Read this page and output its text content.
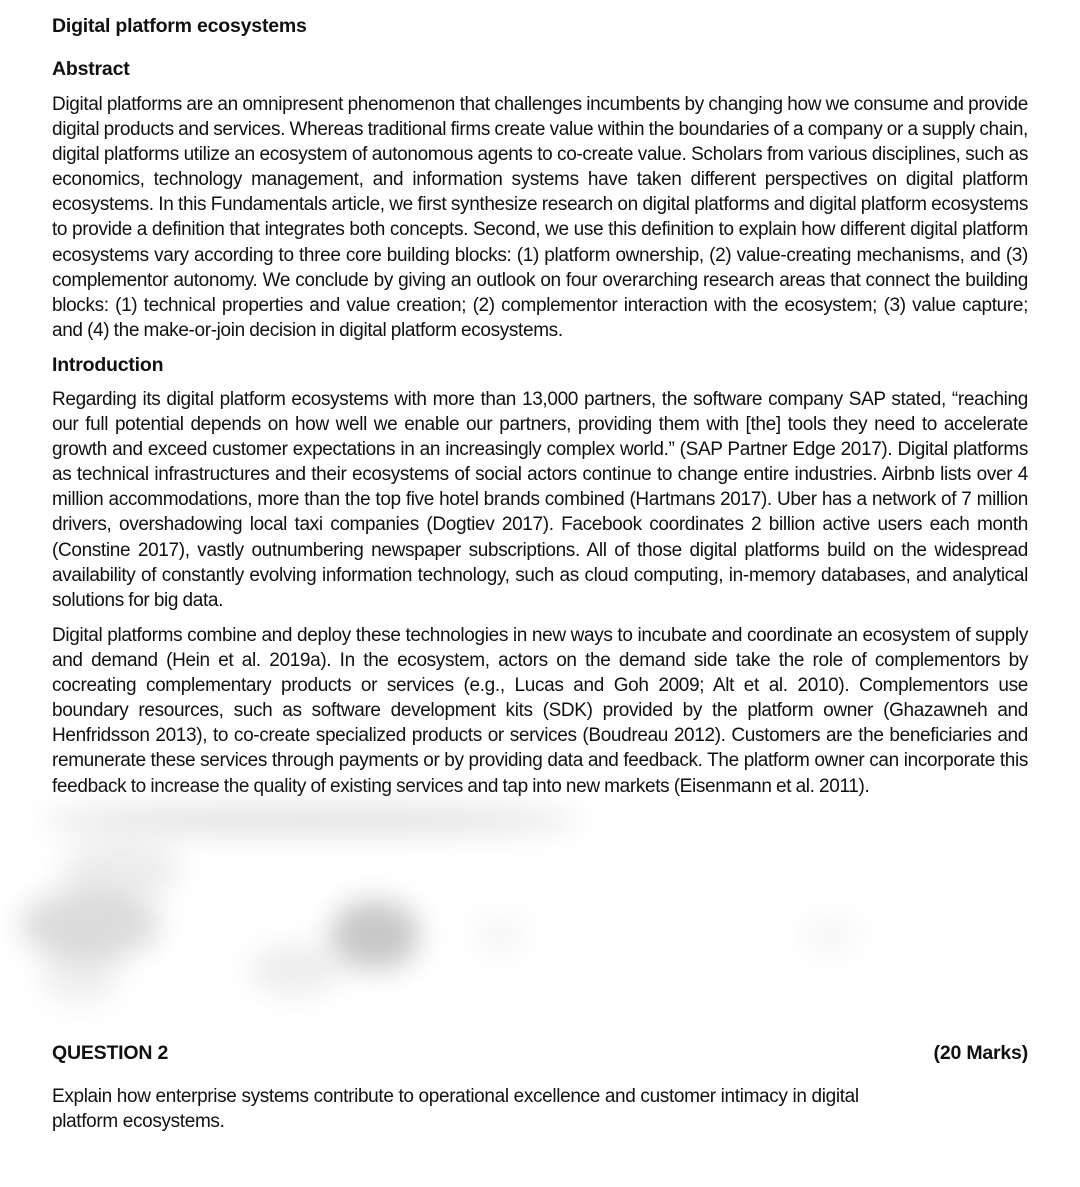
Digital platform ecosystems
Abstract
Digital platforms are an omnipresent phenomenon that challenges incumbents by changing how we consume and provide digital products and services. Whereas traditional firms create value within the boundaries of a company or a supply chain, digital platforms utilize an ecosystem of autonomous agents to co-create value. Scholars from various disciplines, such as economics, technology management, and information systems have taken different perspectives on digital platform ecosystems. In this Fundamentals article, we first synthesize research on digital platforms and digital platform ecosystems to provide a definition that integrates both concepts. Second, we use this definition to explain how different digital platform ecosystems vary according to three core building blocks: (1) platform ownership, (2) value-creating mechanisms, and (3) complementor autonomy. We conclude by giving an outlook on four overarching research areas that connect the building blocks: (1) technical properties and value creation; (2) complementor interaction with the ecosystem; (3) value capture; and (4) the make-or-join decision in digital platform ecosystems.
Introduction
Regarding its digital platform ecosystems with more than 13,000 partners, the software company SAP stated, “reaching our full potential depends on how well we enable our partners, providing them with [the] tools they need to accelerate growth and exceed customer expectations in an increasingly complex world.” (SAP Partner Edge 2017). Digital platforms as technical infrastructures and their ecosystems of social actors continue to change entire industries. Airbnb lists over 4 million accommodations, more than the top five hotel brands combined (Hartmans 2017). Uber has a network of 7 million drivers, overshadowing local taxi companies (Dogtiev 2017). Facebook coordinates 2 billion active users each month (Constine 2017), vastly outnumbering newspaper subscriptions. All of those digital platforms build on the widespread availability of constantly evolving information technology, such as cloud computing, in-memory databases, and analytical solutions for big data.
Digital platforms combine and deploy these technologies in new ways to incubate and coordinate an ecosystem of supply and demand (Hein et al. 2019a). In the ecosystem, actors on the demand side take the role of complementors by cocreating complementary products or services (e.g., Lucas and Goh 2009; Alt et al. 2010). Complementors use boundary resources, such as software development kits (SDK) provided by the platform owner (Ghazawneh and Henfridsson 2013), to co-create specialized products or services (Boudreau 2012). Customers are the beneficiaries and remunerate these services through payments or by providing data and feedback. The platform owner can incorporate this feedback to increase the quality of existing services and tap into new markets (Eisenmann et al. 2011).
QUESTION 2	(20 Marks)
Explain how enterprise systems contribute to operational excellence and customer intimacy in digital platform ecosystems.
